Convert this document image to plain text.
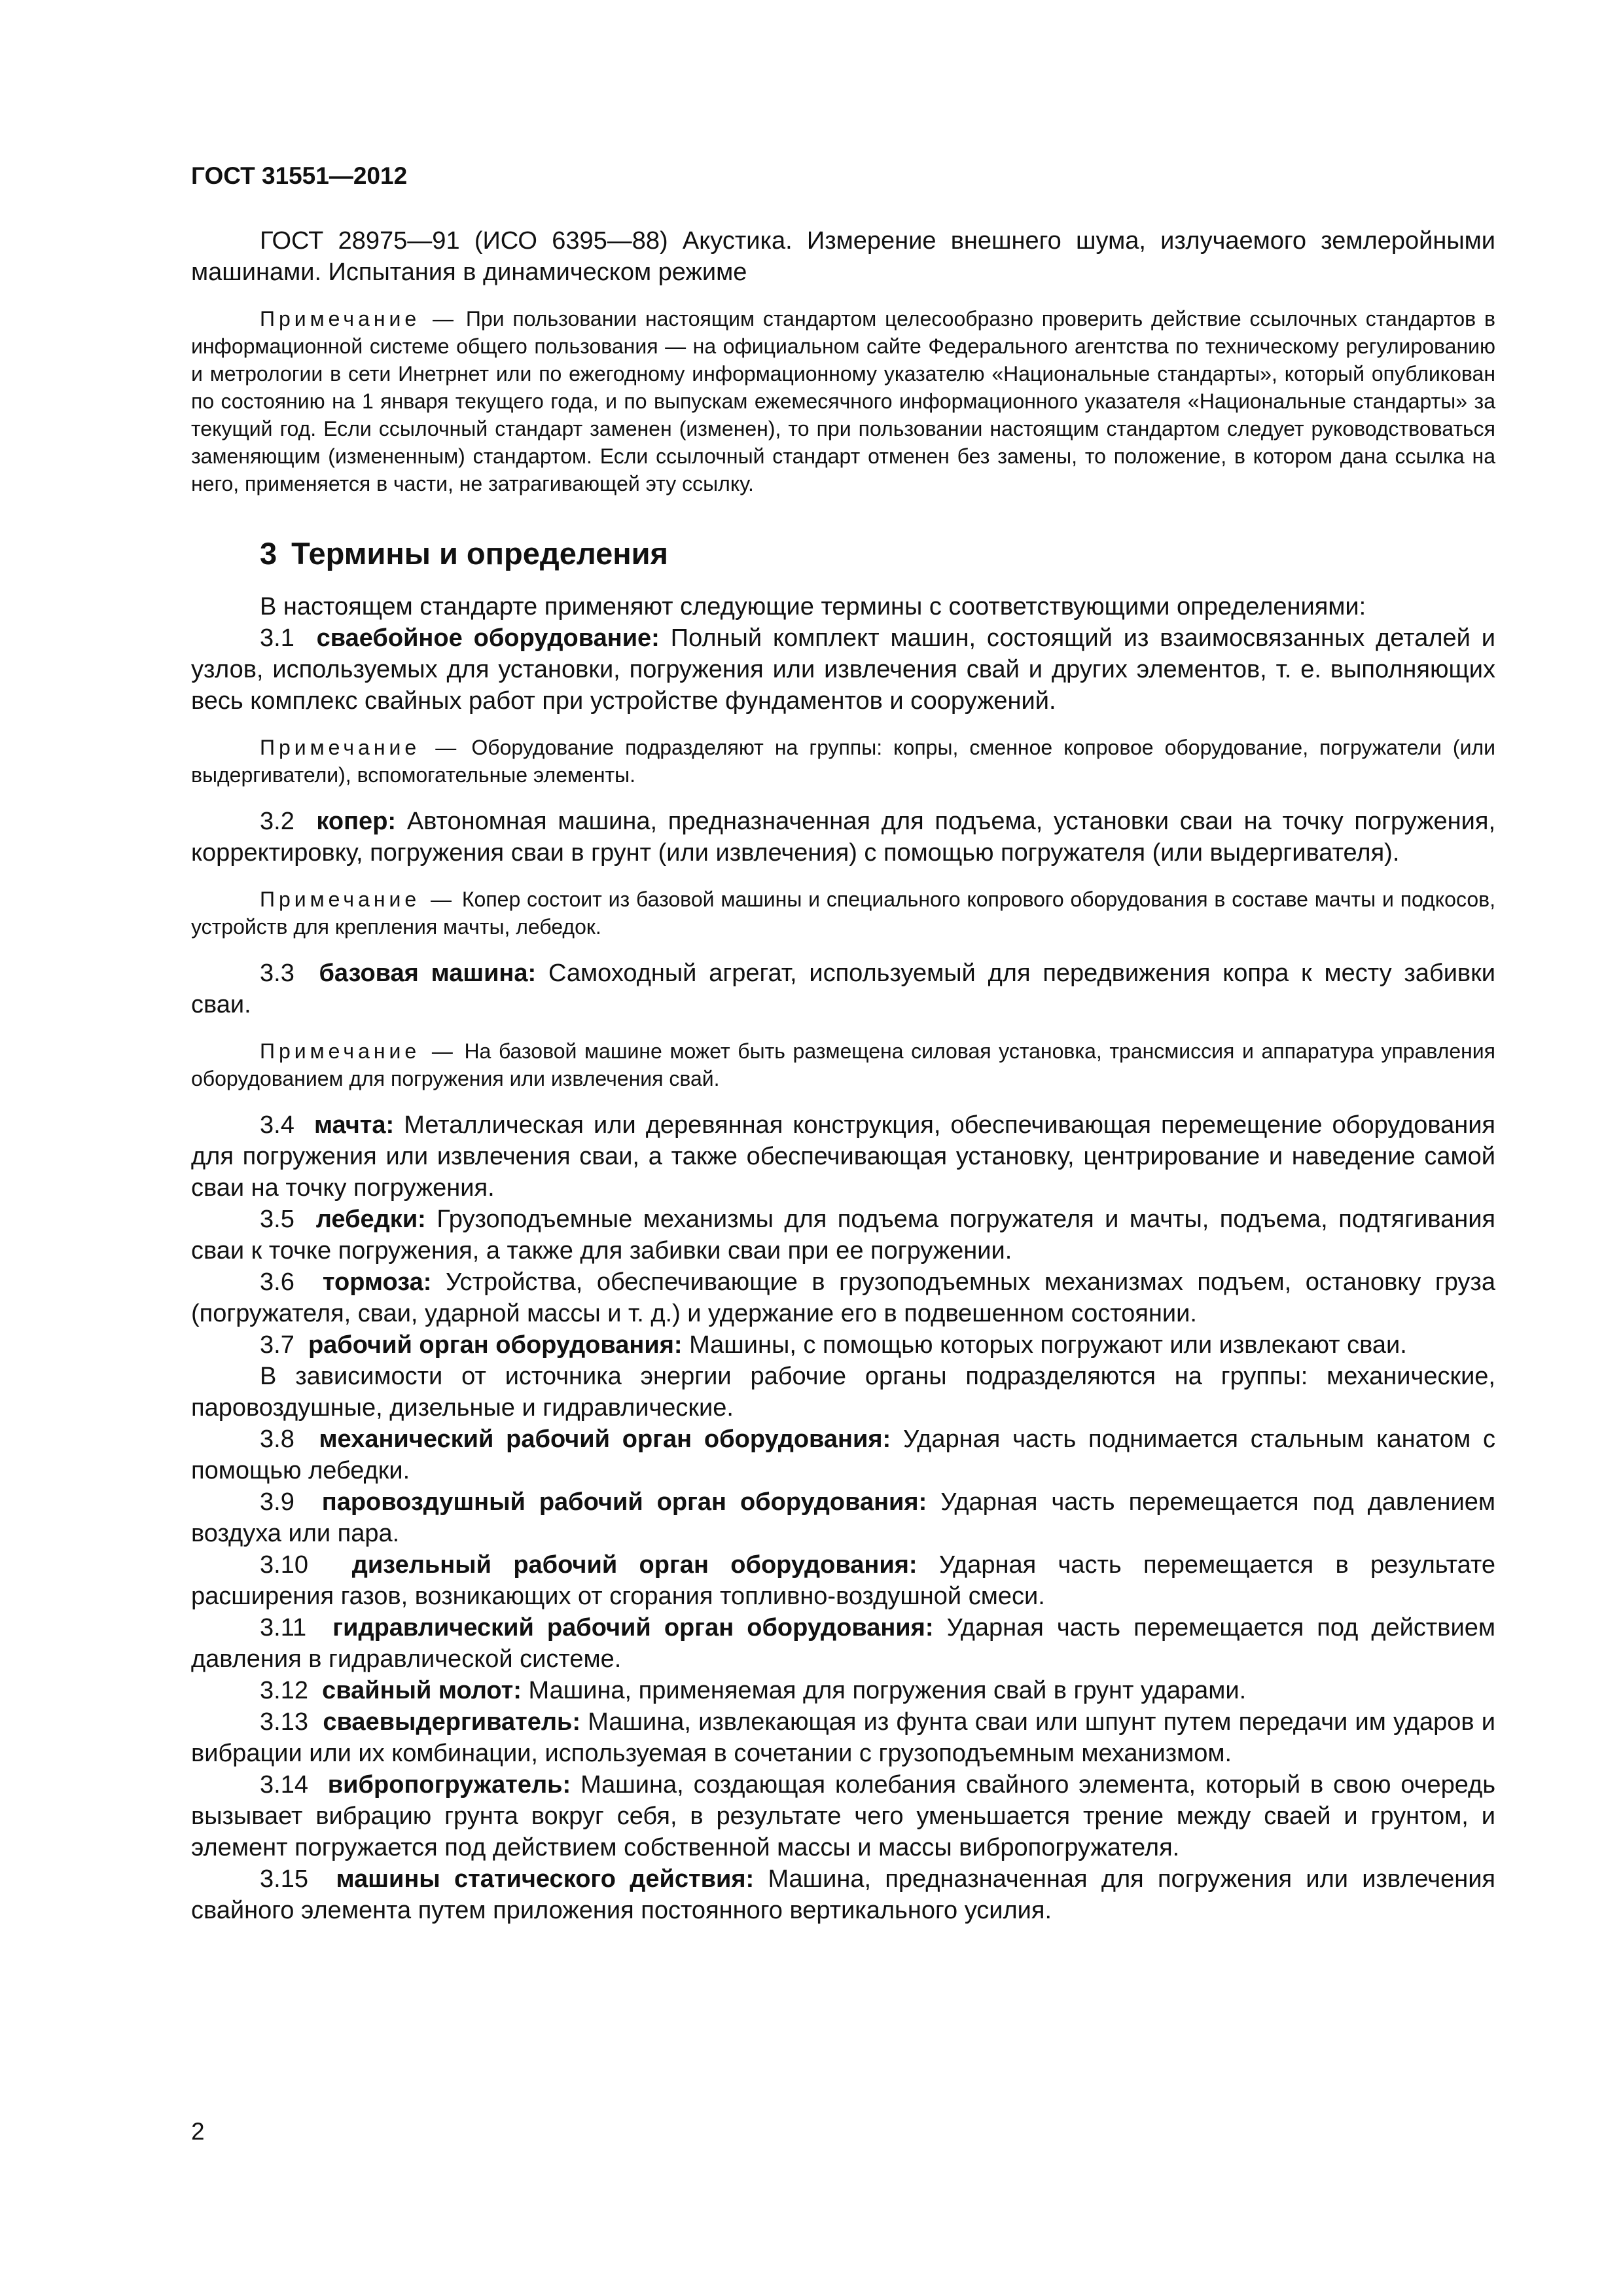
ГОСТ 31551—2012

ГОСТ 28975—91 (ИСО 6395—88) Акустика. Измерение внешнего шума, излучаемого землеройными машинами. Испытания в динамическом режиме

Примечание — При пользовании настоящим стандартом целесообразно проверить действие ссылочных стандартов в информационной системе общего пользования — на официальном сайте Федерального агентства по техническому регулированию и метрологии в сети Инетрнет или по ежегодному информационному указателю «Национальные стандарты», который опубликован по состоянию на 1 января текущего года, и по выпускам ежемесячного информационного указателя «Национальные стандарты» за текущий год. Если ссылочный стандарт заменен (изменен), то при пользовании настоящим стандартом следует руководствоваться заменяющим (измененным) стандартом. Если ссылочный стандарт отменен без замены, то положение, в котором дана ссылка на него, применяется в части, не затрагивающей эту ссылку.

3 Термины и определения

В настоящем стандарте применяют следующие термины с соответствующими определениями:

3.1 сваебойное оборудование: Полный комплект машин, состоящий из взаимосвязанных деталей и узлов, используемых для установки, погружения или извлечения свай и других элементов, т. е. выполняющих весь комплекс свайных работ при устройстве фундаментов и сооружений.

Примечание — Оборудование подразделяют на группы: копры, сменное копровое оборудование, погружатели (или выдергиватели), вспомогательные элементы.

3.2 копер: Автономная машина, предназначенная для подъема, установки сваи на точку погружения, корректировку, погружения сваи в грунт (или извлечения) с помощью погружателя (или выдергивателя).

Примечание — Копер состоит из базовой машины и специального копрового оборудования в составе мачты и подкосов, устройств для крепления мачты, лебедок.

3.3 базовая машина: Самоходный агрегат, используемый для передвижения копра к месту забивки сваи.

Примечание — На базовой машине может быть размещена силовая установка, трансмиссия и аппаратура управления оборудованием для погружения или извлечения свай.

3.4 мачта: Металлическая или деревянная конструкция, обеспечивающая перемещение оборудования для погружения или извлечения сваи, а также обеспечивающая установку, центрирование и наведение самой сваи на точку погружения.

3.5 лебедки: Грузоподъемные механизмы для подъема погружателя и мачты, подъема, подтягивания сваи к точке погружения, а также для забивки сваи при ее погружении.

3.6 тормоза: Устройства, обеспечивающие в грузоподъемных механизмах подъем, остановку груза (погружателя, сваи, ударной массы и т. д.) и удержание его в подвешенном состоянии.

3.7 рабочий орган оборудования: Машины, с помощью которых погружают или извлекают сваи.

В зависимости от источника энергии рабочие органы подразделяются на группы: механические, паровоздушные, дизельные и гидравлические.

3.8 механический рабочий орган оборудования: Ударная часть поднимается стальным канатом с помощью лебедки.

3.9 паровоздушный рабочий орган оборудования: Ударная часть перемещается под давлением воздуха или пара.

3.10 дизельный рабочий орган оборудования: Ударная часть перемещается в результате расширения газов, возникающих от сгорания топливно-воздушной смеси.

3.11 гидравлический рабочий орган оборудования: Ударная часть перемещается под действием давления в гидравлической системе.

3.12 свайный молот: Машина, применяемая для погружения свай в грунт ударами.

3.13 сваевыдергиватель: Машина, извлекающая из фунта сваи или шпунт путем передачи им ударов и вибрации или их комбинации, используемая в сочетании с грузоподъемным механизмом.

3.14 вибропогружатель: Машина, создающая колебания свайного элемента, который в свою очередь вызывает вибрацию грунта вокруг себя, в результате чего уменьшается трение между сваей и грунтом, и элемент погружается под действием собственной массы и массы вибропогружателя.

3.15 машины статического действия: Машина, предназначенная для погружения или извлечения свайного элемента путем приложения постоянного вертикального усилия.

2
